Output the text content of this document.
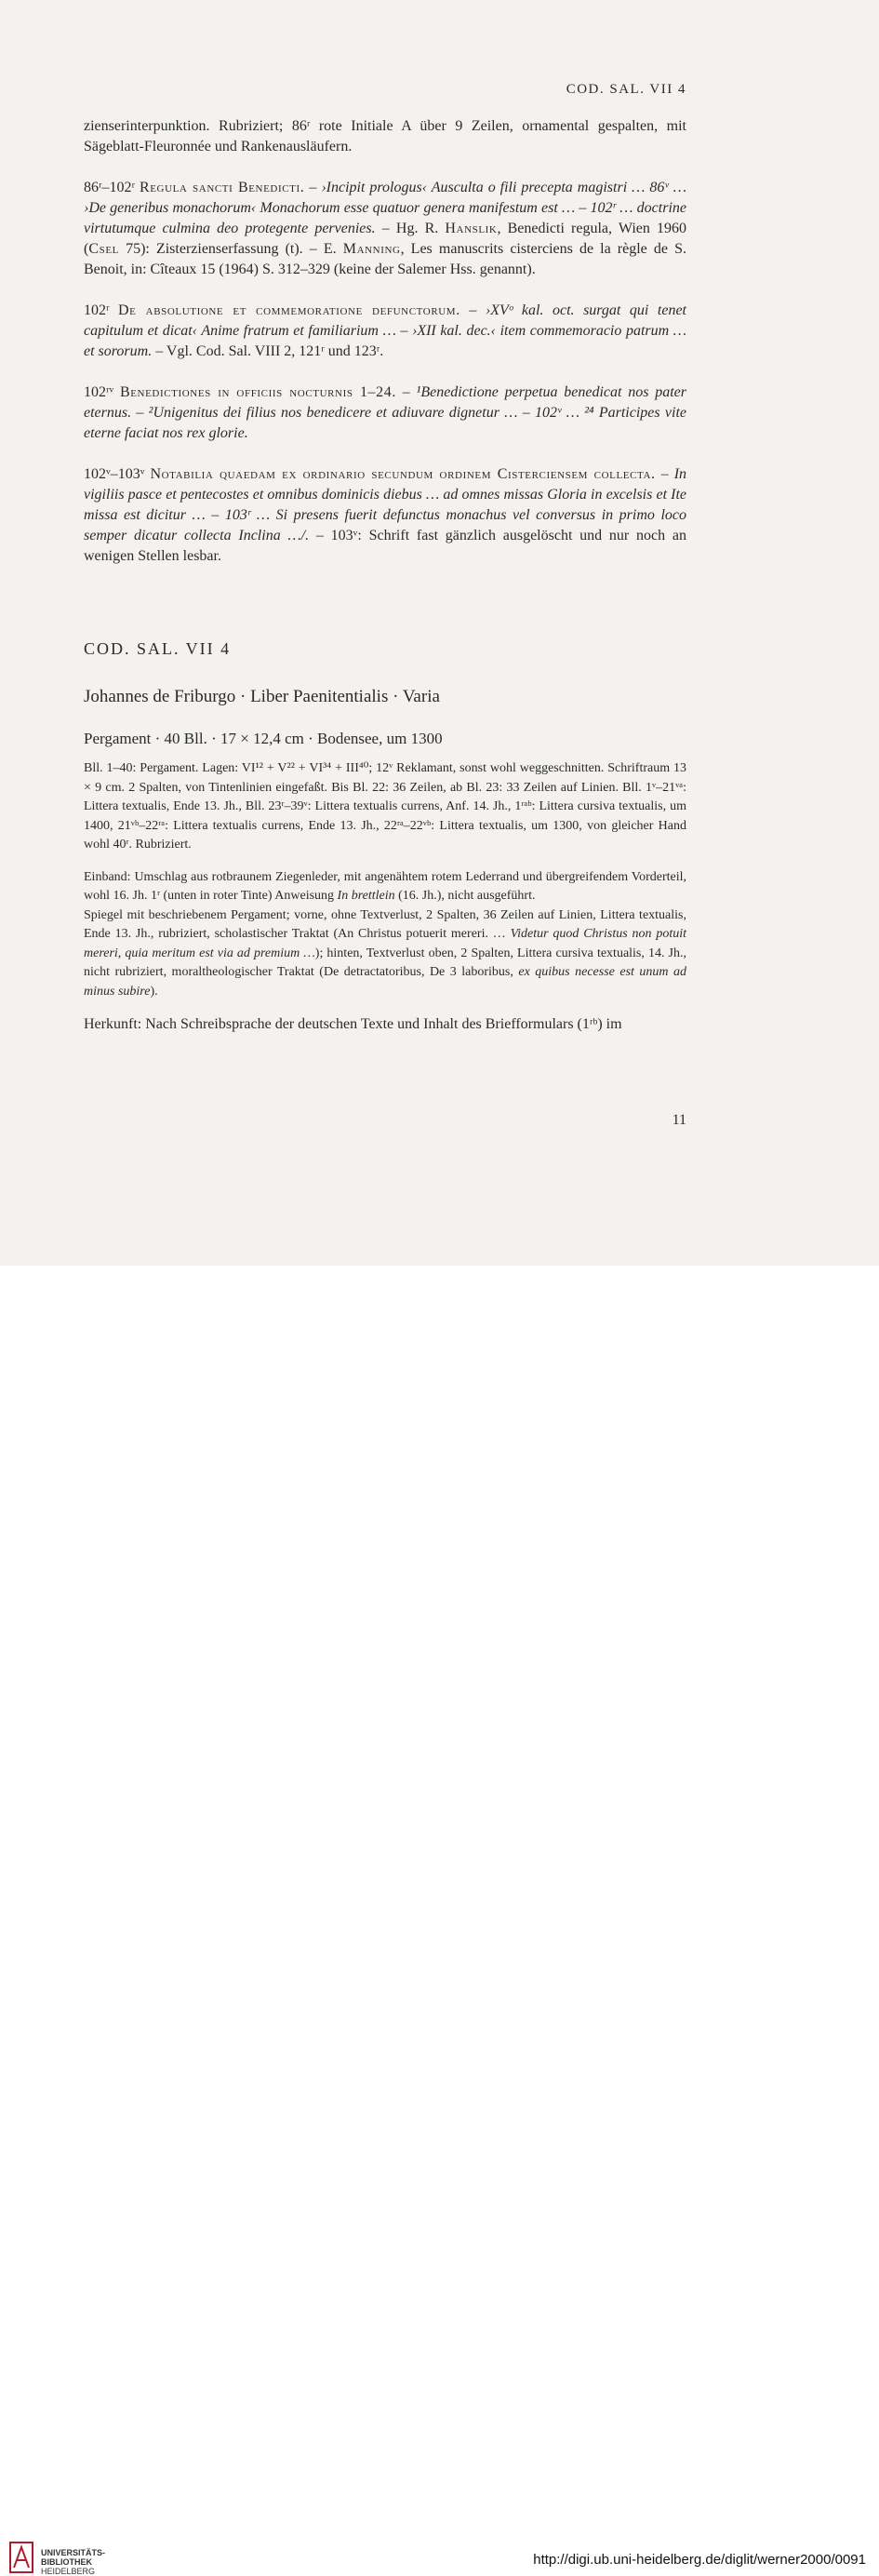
COD. SAL. VII 4

zienserinterpunktion. Rubriziert; 86ʳ rote Initiale A über 9 Zeilen, ornamental gespalten, mit Sägeblatt-Fleuronnée und Rankenausläufern.

86ʳ–102ʳ Regula sancti Benedicti. – ›Incipit prologus‹ Ausculta o fili precepta magistri … 86ᵛ … ›De generibus monachorum‹ Monachorum esse quatuor genera manifestum est … – 102ʳ … doctrine virtutumque culmina deo protegente pervenies. – Hg. R. Hanslik, Benedicti regula, Wien 1960 (Csel 75): Zisterzienserfassung (t). – E. Manning, Les manuscrits cisterciens de la règle de S. Benoit, in: Cîteaux 15 (1964) S. 312–329 (keine der Salemer Hss. genannt).

102ʳ De absolutione et commemoratione defunctorum. – ›XVᵒ kal. oct. surgat qui tenet capitulum et dicat‹ Anime fratrum et familiarium … – ›XII kal. dec.‹ item commemoracio patrum … et sororum. – Vgl. Cod. Sal. VIII 2, 121ʳ und 123ʳ.

102ʳᵛ Benedictiones in officiis nocturnis 1–24. – ¹Benedictione perpetua benedicat nos pater eternus. – ²Unigenitus dei filius nos benedicere et adiuvare dignetur … – 102ᵛ … ²⁴ Participes vite eterne faciat nos rex glorie.

102ᵛ–103ᵛ Notabilia quaedam ex ordinario secundum ordinem Cisterciensem collecta. – In vigiliis pasce et pentecostes et omnibus dominicis diebus … ad omnes missas Gloria in excelsis et Ite missa est dicitur … – 103ʳ … Si presens fuerit defunctus monachus vel conversus in primo loco semper dicatur collecta Inclina …/. – 103ᵛ: Schrift fast gänzlich ausgelöscht und nur noch an wenigen Stellen lesbar.

COD. SAL. VII 4
Johannes de Friburgo · Liber Paenitentialis · Varia
Pergament · 40 Bll. · 17 × 12,4 cm · Bodensee, um 1300

Bll. 1–40: Pergament. Lagen: VI¹² + V²² + VI³⁴ + III⁴⁰; 12ᵛ Reklamant, sonst wohl weggeschnitten. Schriftraum 13 × 9 cm. 2 Spalten, von Tintenlinien eingefaßt. Bis Bl. 22: 36 Zeilen, ab Bl. 23: 33 Zeilen auf Linien. Bll. 1ᵛ–21ᵛᵃ: Littera textualis, Ende 13. Jh., Bll. 23ʳ–39ᵛ: Littera textualis currens, Anf. 14. Jh., 1ʳᵃᵇ: Littera cursiva textualis, um 1400, 21ᵛᵇ–22ʳᵃ: Littera textualis currens, Ende 13. Jh., 22ʳᵃ–22ᵛᵇ: Littera textualis, um 1300, von gleicher Hand wohl 40ʳ. Rubriziert.

Einband: Umschlag aus rotbraunem Ziegenleder, mit angenähtem rotem Lederrand und übergreifendem Vorderteil, wohl 16. Jh. 1ʳ (unten in roter Tinte) Anweisung In brettlein (16. Jh.), nicht ausgeführt.

Spiegel mit beschriebenem Pergament; vorne, ohne Textverlust, 2 Spalten, 36 Zeilen auf Linien, Littera textualis, Ende 13. Jh., rubriziert, scholastischer Traktat (An Christus potuerit mereri. … Videtur quod Christus non potuit mereri, quia meritum est via ad premium …); hinten, Textverlust oben, 2 Spalten, Littera cursiva textualis, 14. Jh., nicht rubriziert, moraltheologischer Traktat (De detractatoribus, De 3 laboribus, ex quibus necesse est unum ad minus subire).

Herkunft: Nach Schreibsprache der deutschen Texte und Inhalt des Briefformulars (1ʳᵇ) im

11
UNIVERSITÄTS-
BIBLIOTHEK
HEIDELBERG
http://digi.ub.uni-heidelberg.de/diglit/werner2000/0091
